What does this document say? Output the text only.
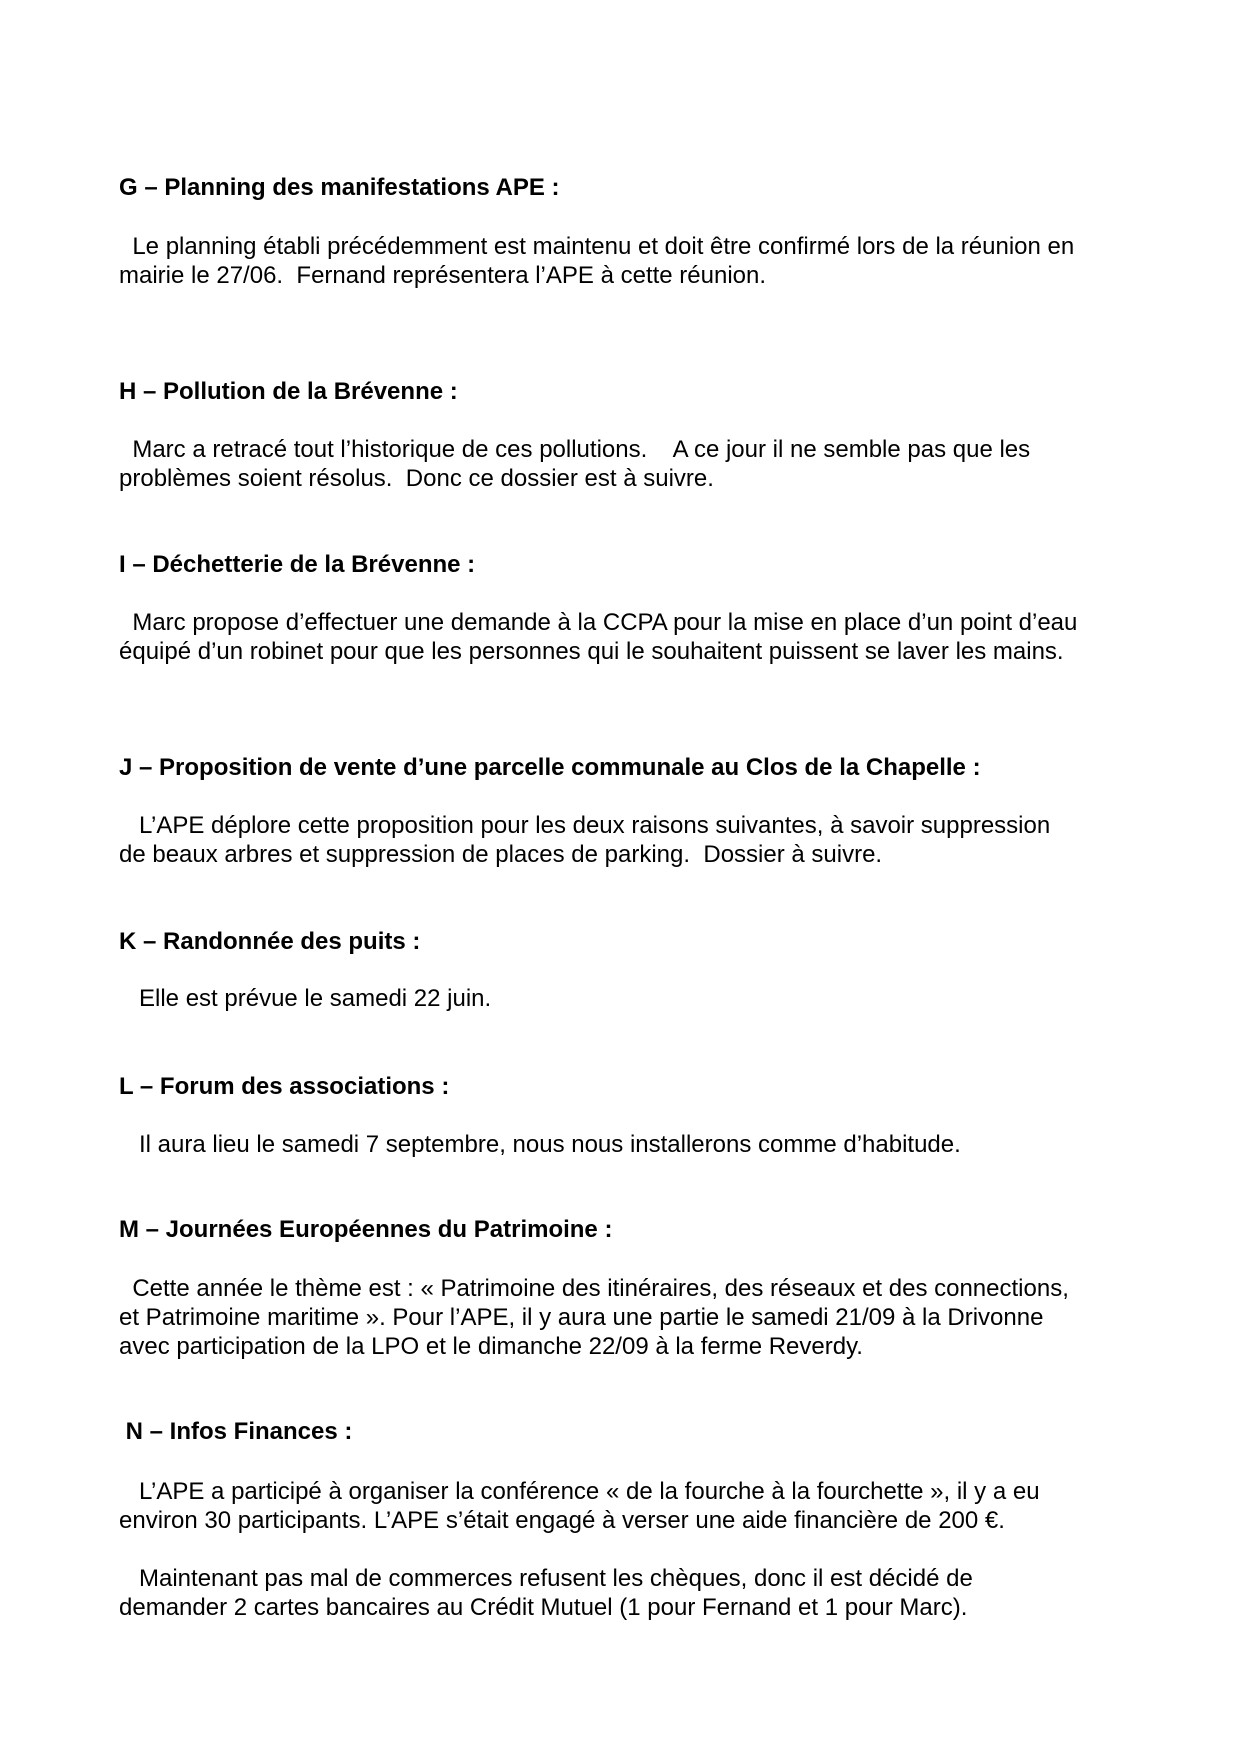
G – Planning des manifestations APE :

Le planning établi précédemment est maintenu et doit être confirmé lors de la réunion en
mairie le 27/06.  Fernand représentera l’APE à cette réunion.

H – Pollution de la Brévenne :

Marc a retracé tout l’historique de ces pollutions.    A ce jour il ne semble pas que les
problèmes soient résolus.  Donc ce dossier est à suivre.

I – Déchetterie de la Brévenne :

Marc propose d’effectuer une demande à la CCPA pour la mise en place d’un point d’eau
équipé d’un robinet pour que les personnes qui le souhaitent puissent se laver les mains.

J – Proposition de vente d’une parcelle communale au Clos de la Chapelle :

L’APE déplore cette proposition pour les deux raisons suivantes, à savoir suppression
de beaux arbres et suppression de places de parking.  Dossier à suivre.

K – Randonnée des puits :

Elle est prévue le samedi 22 juin.

L – Forum des associations :

Il aura lieu le samedi 7 septembre, nous nous installerons comme d’habitude.

M – Journées Européennes du Patrimoine :

Cette année le thème est : « Patrimoine des itinéraires, des réseaux et des connections,
et Patrimoine maritime ». Pour l’APE, il y aura une partie le samedi 21/09 à la Drivonne
avec participation de la LPO et le dimanche 22/09 à la ferme Reverdy.

N – Infos Finances :

L’APE a participé à organiser la conférence « de la fourche à la fourchette », il y a eu
environ 30 participants. L’APE s’était engagé à verser une aide financière de 200 €.

Maintenant pas mal de commerces refusent les chèques, donc il est décidé de
demander 2 cartes bancaires au Crédit Mutuel (1 pour Fernand et 1 pour Marc).
